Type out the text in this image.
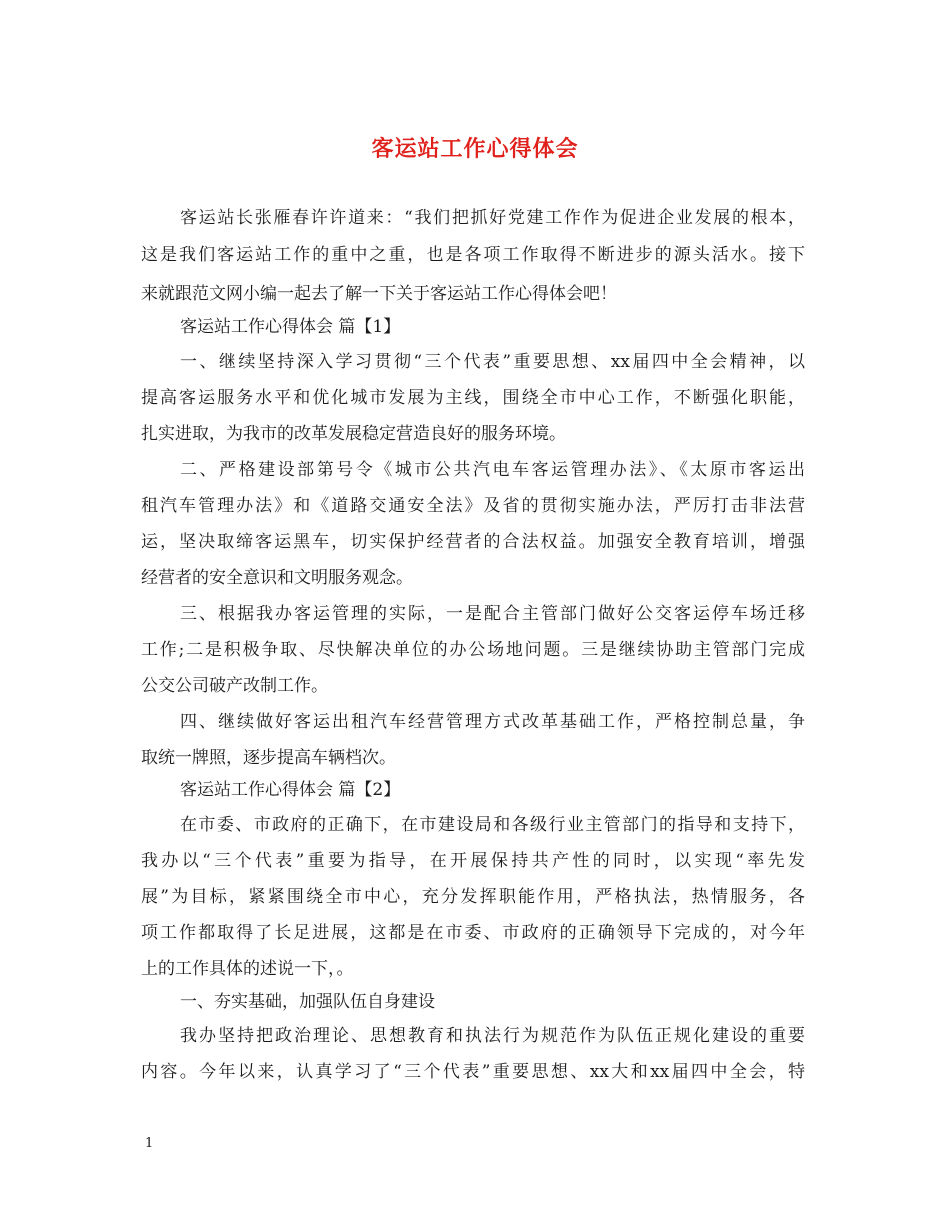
客运站工作心得体会
客运站长张雁春许许道来：“我们把抓好党建工作作为促进企业发展的根本，
这是我们客运站工作的重中之重，也是各项工作取得不断进步的源头活水。接下
来就跟范文网小编一起去了解一下关于客运站工作心得体会吧！
客运站工作心得体会 篇【1】
一、继续坚持深入学习贯彻“三个代表”重要思想、xx届四中全会精神，以
提高客运服务水平和优化城市发展为主线，围绕全市中心工作，不断强化职能，
扎实进取，为我市的改革发展稳定营造良好的服务环境。
二、严格建设部第号令《城市公共汽电车客运管理办法》、《太原市客运出
租汽车管理办法》和《道路交通安全法》及省的贯彻实施办法，严厉打击非法营
运，坚决取缔客运黑车，切实保护经营者的合法权益。加强安全教育培训，增强
经营者的安全意识和文明服务观念。
三、根据我办客运管理的实际，一是配合主管部门做好公交客运停车场迁移
工作;二是积极争取、尽快解决单位的办公场地问题。三是继续协助主管部门完成
公交公司破产改制工作。
四、继续做好客运出租汽车经营管理方式改革基础工作，严格控制总量，争
取统一牌照，逐步提高车辆档次。
客运站工作心得体会 篇【2】
在市委、市政府的正确下，在市建设局和各级行业主管部门的指导和支持下，
我办以“三个代表”重要为指导，在开展保持共产性的同时，以实现“率先发
展”为目标，紧紧围绕全市中心，充分发挥职能作用，严格执法，热情服务，各
项工作都取得了长足进展，这都是在市委、市政府的正确领导下完成的，对今年
上的工作具体的述说一下，。
一、夯实基础，加强队伍自身建设
我办坚持把政治理论、思想教育和执法行为规范作为队伍正规化建设的重要
内容。今年以来，认真学习了“三个代表”重要思想、xx大和xx届四中全会，特
1
